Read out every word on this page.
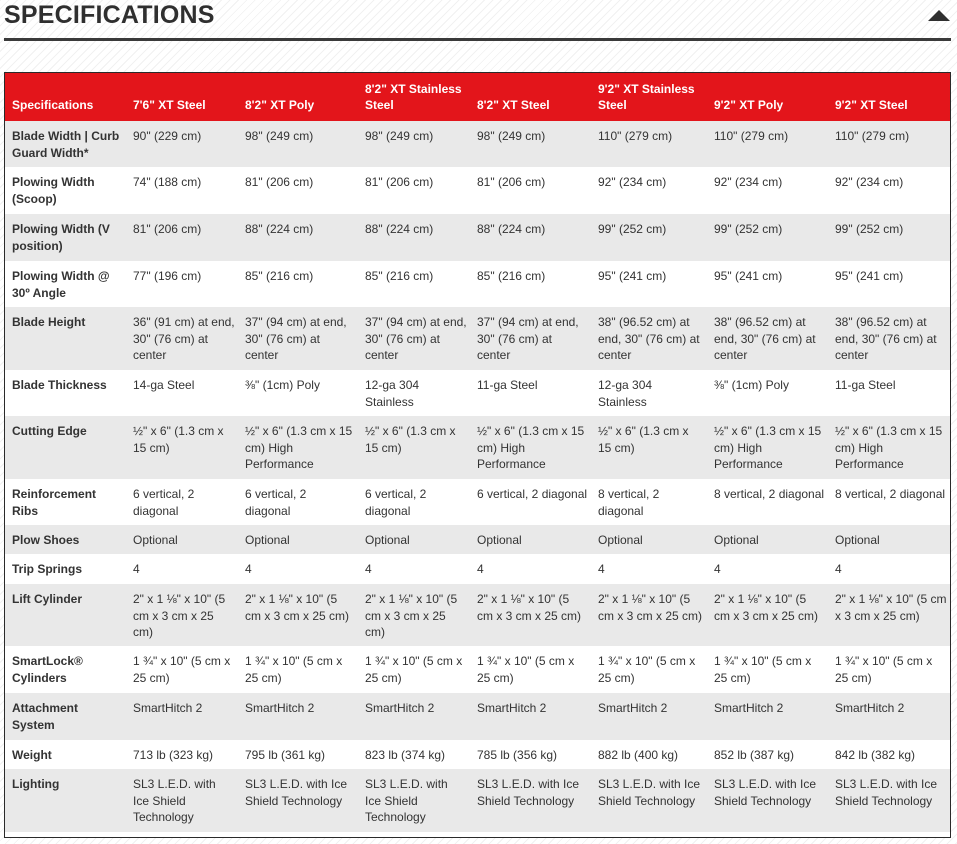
SPECIFICATIONS
Specifications	7'6" XT Steel	8'2" XT Poly	8'2" XT Stainless Steel	8'2" XT Steel	9'2" XT Stainless Steel	9'2" XT Poly	9'2" XT Steel
Blade Width | Curb Guard Width*	90" (229 cm)	98" (249 cm)	98" (249 cm)	98" (249 cm)	110" (279 cm)	110" (279 cm)	110" (279 cm)
Plowing Width (Scoop)	74" (188 cm)	81" (206 cm)	81" (206 cm)	81" (206 cm)	92" (234 cm)	92" (234 cm)	92" (234 cm)
Plowing Width (V position)	81" (206 cm)	88" (224 cm)	88" (224 cm)	88" (224 cm)	99" (252 cm)	99" (252 cm)	99" (252 cm)
Plowing Width @ 30º Angle	77" (196 cm)	85" (216 cm)	85" (216 cm)	85" (216 cm)	95" (241 cm)	95" (241 cm)	95" (241 cm)
Blade Height	36" (91 cm) at end, 30" (76 cm) at center	37" (94 cm) at end, 30" (76 cm) at center	37" (94 cm) at end, 30" (76 cm) at center	37" (94 cm) at end, 30" (76 cm) at center	38" (96.52 cm) at end, 30" (76 cm) at center	38" (96.52 cm) at end, 30" (76 cm) at center	38" (96.52 cm) at end, 30" (76 cm) at center
Blade Thickness	14-ga Steel	⅜" (1cm) Poly	12-ga 304 Stainless	11-ga Steel	12-ga 304 Stainless	⅜" (1cm) Poly	11-ga Steel
Cutting Edge	½" x 6" (1.3 cm x 15 cm)	½" x 6" (1.3 cm x 15 cm) High Performance	½" x 6" (1.3 cm x 15 cm)	½" x 6" (1.3 cm x 15 cm) High Performance	½" x 6" (1.3 cm x 15 cm)	½" x 6" (1.3 cm x 15 cm) High Performance	½" x 6" (1.3 cm x 15 cm) High Performance
Reinforcement Ribs	6 vertical, 2 diagonal	6 vertical, 2 diagonal	6 vertical, 2 diagonal	6 vertical, 2 diagonal	8 vertical, 2 diagonal	8 vertical, 2 diagonal	8 vertical, 2 diagonal
Plow Shoes	Optional	Optional	Optional	Optional	Optional	Optional	Optional
Trip Springs	4	4	4	4	4	4	4
Lift Cylinder	2" x 1 ⅛" x 10" (5 cm x 3 cm x 25 cm)	2" x 1 ⅛" x 10" (5 cm x 3 cm x 25 cm)	2" x 1 ⅛" x 10" (5 cm x 3 cm x 25 cm)	2" x 1 ⅛" x 10" (5 cm x 3 cm x 25 cm)	2" x 1 ⅛" x 10" (5 cm x 3 cm x 25 cm)	2" x 1 ⅛" x 10" (5 cm x 3 cm x 25 cm)	2" x 1 ⅛" x 10" (5 cm x 3 cm x 25 cm)
SmartLock® Cylinders	1 ¾" x 10" (5 cm x 25 cm)	1 ¾" x 10" (5 cm x 25 cm)	1 ¾" x 10" (5 cm x 25 cm)	1 ¾" x 10" (5 cm x 25 cm)	1 ¾" x 10" (5 cm x 25 cm)	1 ¾" x 10" (5 cm x 25 cm)	1 ¾" x 10" (5 cm x 25 cm)
Attachment System	SmartHitch 2	SmartHitch 2	SmartHitch 2	SmartHitch 2	SmartHitch 2	SmartHitch 2	SmartHitch 2
Weight	713 lb (323 kg)	795 lb (361 kg)	823 lb (374 kg)	785 lb (356 kg)	882 lb (400 kg)	852 lb (387 kg)	842 lb (382 kg)
Lighting	SL3 L.E.D. with Ice Shield Technology	SL3 L.E.D. with Ice Shield Technology	SL3 L.E.D. with Ice Shield Technology	SL3 L.E.D. with Ice Shield Technology	SL3 L.E.D. with Ice Shield Technology	SL3 L.E.D. with Ice Shield Technology	SL3 L.E.D. with Ice Shield Technology
